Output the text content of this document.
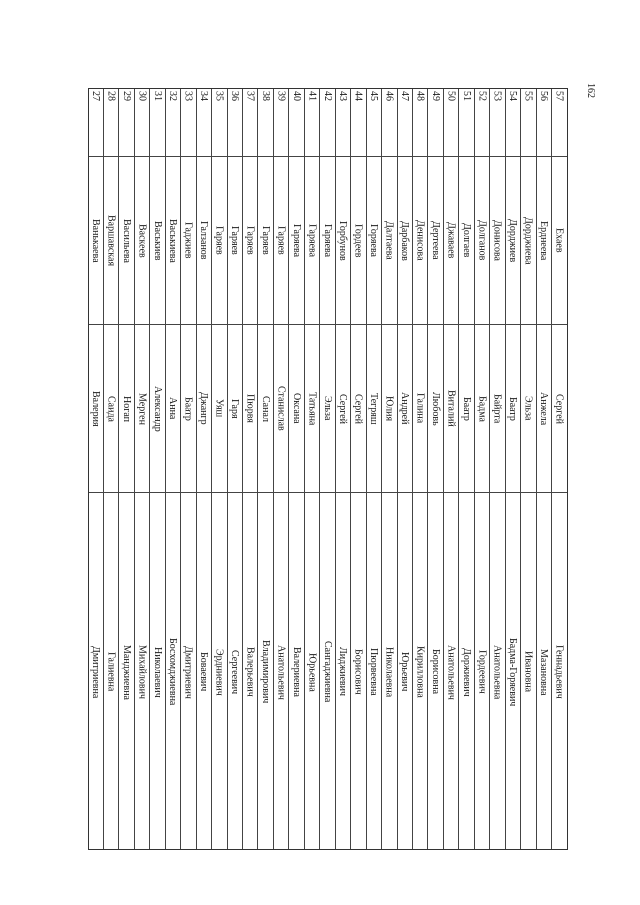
162
27
Ванькаева
Валерия
Дмитриевна
28
Варшавская
Саида
Галиевна
29
Васильева
Ногап
Манджиевна
30
Васкеев
Мерген
Михайлович
31
Васькиев
Александр
Николаевич
32
Васькиева
Анна
Босхомджиевна
33
Гаджиев
Баатр
Дмитриевич
34
Галзанов
Джангр
Боваевич
35
Гаряев
Уяш
Эрдниевич
36
Гаряев
Гаря
Сергеевич
37
Гаряев
Пюрвя
Валерьевич
38
Гаряев
Санал
Владимирович
39
Гаряев
Станислав
Анатольевич
40
Гаряева
Оксана
Валериевна
41
Гаряева
Татьяна
Юрьевна
42
Гаряева
Эльза
Сангаджиевна
43
Горбунов
Сергей
Лиджиевич
44
Гордеев
Сергей
Борисович
45
Горяева
Тегряш
Пюрвеевна
46
Далтаева
Юлия
Николаевна
47
Дарбаков
Андрей
Юрьевич
48
Денисова
Галина
Кирилловна
49
Дертеева
Любовь
Борисовна
50
Джаваев
Виталий
Анатольевич
51
Долгаев
Баатр
Доржиевич
52
Долганов
Бадма
Гордеевич
53
Донисова
Байрта
Анатольевна
54
Дорджиев
Баатр
Бадма-Горяевич
55
Дорджиева
Эльза
Ивановна
56
Ерднеева
Анжела
Мазановна
57
Ехаев
Сергей
Геннадьевич
